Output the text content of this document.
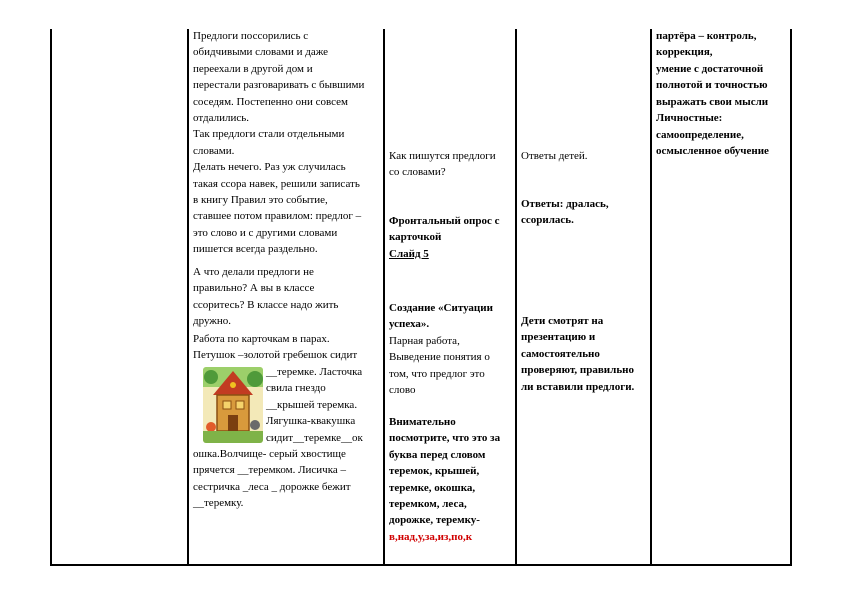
Предлоги поссорились с
обидчивыми словами и даже
переехали в другой дом и
перестали разговаривать с бывшими
соседям. Постепенно они совсем
отдалились.
Так предлоги стали отдельными
словами.
Делать нечего. Раз уж случилась
такая ссора навек, решили записать
в книгу Правил это событие,
ставшее потом правилом: предлог –
это слово и с другими словами
пишется всегда раздельно.
А что делали предлоги не
правильно? А вы в классе
ссоритесь? В классе надо жить
дружно.
Работа по карточкам в парах.
Петушок –золотой гребешок сидит
__теремке. Ласточка
свила гнездо
__крышей теремка.
Лягушка-квакушка
сидит__теремке__ок
ошка.Волчище- серый хвостище
прячется __теремком. Лисичка –
сестричка _леса _ дорожке бежит
__теремку.
Как пишутся предлоги
со словами?
Фронтальный опрос с
карточкой
Слайд 5
Создание «Ситуации
успеха».
Парная работа,
Выведение понятия о
том, что предлог это
слово
Внимательно
посмотрите, что это за
буква перед словом
теремок, крышей,
теремке, окошка,
теремком, леса,
дорожке, теремку-
в,над,у,за,из,по,к
Ответы детей.
Ответы: дралась,
ссорилась.
Дети смотрят на
презентацию и
самостоятельно
проверяют, правильно
ли вставили предлоги.
партёра – контроль,
коррекция,
умение с достаточной
полнотой и точностью
выражать свои мысли
Личностные:
самоопределение,
осмысленное обучение
